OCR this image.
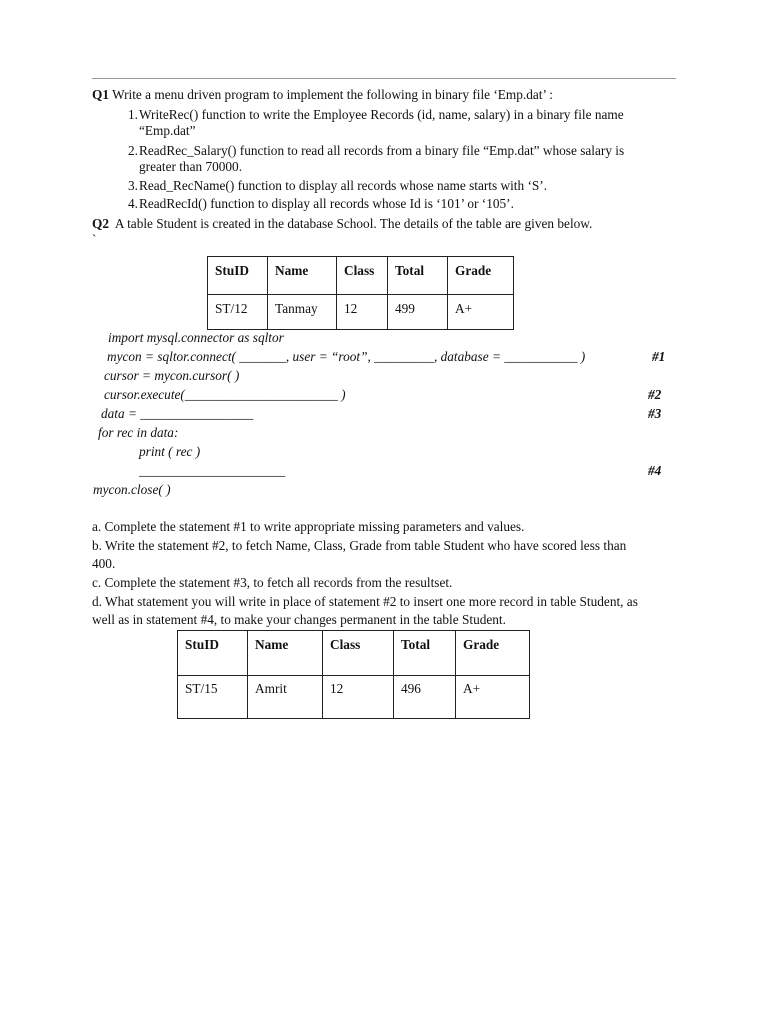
Q1 Write a menu driven program to implement the following in binary file ‘Emp.dat’ :
1. WriteRec() function to write the Employee Records (id, name, salary) in a binary file name
“Emp.dat”
2. ReadRec_Salary() function to read all records from a binary file “Emp.dat” whose salary is
greater than 70000.
3. Read_RecName() function to display all records whose name starts with ‘S’.
4. ReadRecId() function to display all records whose Id is ‘101’ or ‘105’.
Q2 A table Student is created in the database School. The details of the table are given below.
`
StuID	Name	Class	Total	Grade
ST/12	Tanmay	12	499	A+
import mysql.connector as sqltor
mycon = sqltor.connect( _______, user = “root”, _________, database = ___________ )	#1
cursor = mycon.cursor( )
cursor.execute(_______________________ )	#2
data = _________________	#3
for rec in data:
print ( rec )
______________________	#4
mycon.close( )
a. Complete the statement #1 to write appropriate missing parameters and values.
b. Write the statement #2, to fetch Name, Class, Grade from table Student who have scored less than
400.
c. Complete the statement #3, to fetch all records from the resultset.
d. What statement you will write in place of statement #2 to insert one more record in table Student, as
well as in statement #4, to make your changes permanent in the table Student.
StuID	Name	Class	Total	Grade
ST/15	Amrit	12	496	A+
